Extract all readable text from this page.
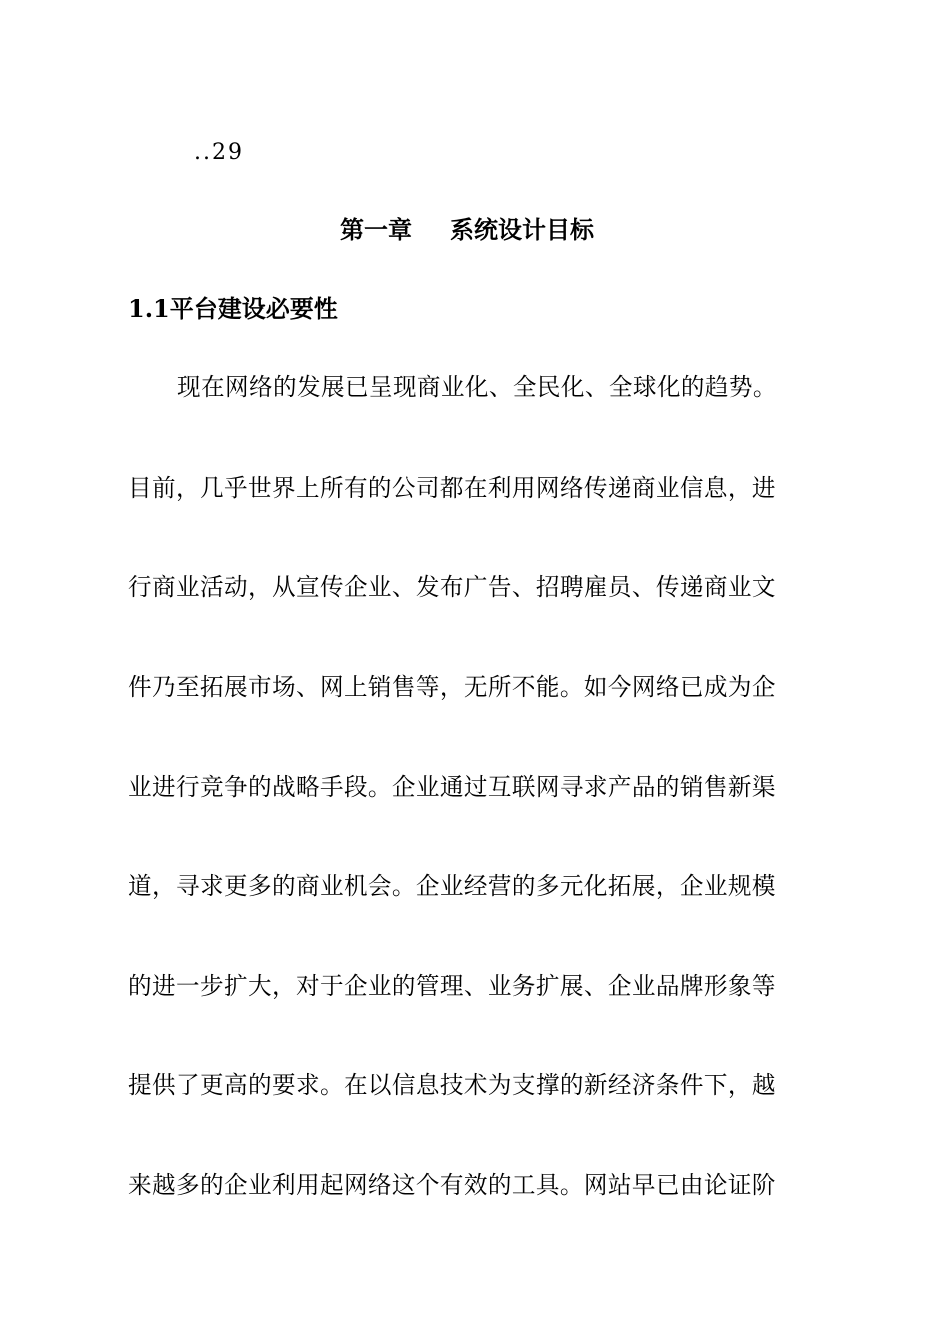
..29
第一章 系统设计目标
1.1平台建设必要性
现在网络的发展已呈现商业化、全民化、全球化的趋势。
目前，几乎世界上所有的公司都在利用网络传递商业信息，进
行商业活动，从宣传企业、发布广告、招聘雇员、传递商业文
件乃至拓展市场、网上销售等，无所不能。如今网络已成为企
业进行竞争的战略手段。企业通过互联网寻求产品的销售新渠
道，寻求更多的商业机会。企业经营的多元化拓展，企业规模
的进一步扩大，对于企业的管理、业务扩展、企业品牌形象等
提供了更高的要求。在以信息技术为支撑的新经济条件下，越
来越多的企业利用起网络这个有效的工具。网站早已由论证阶
